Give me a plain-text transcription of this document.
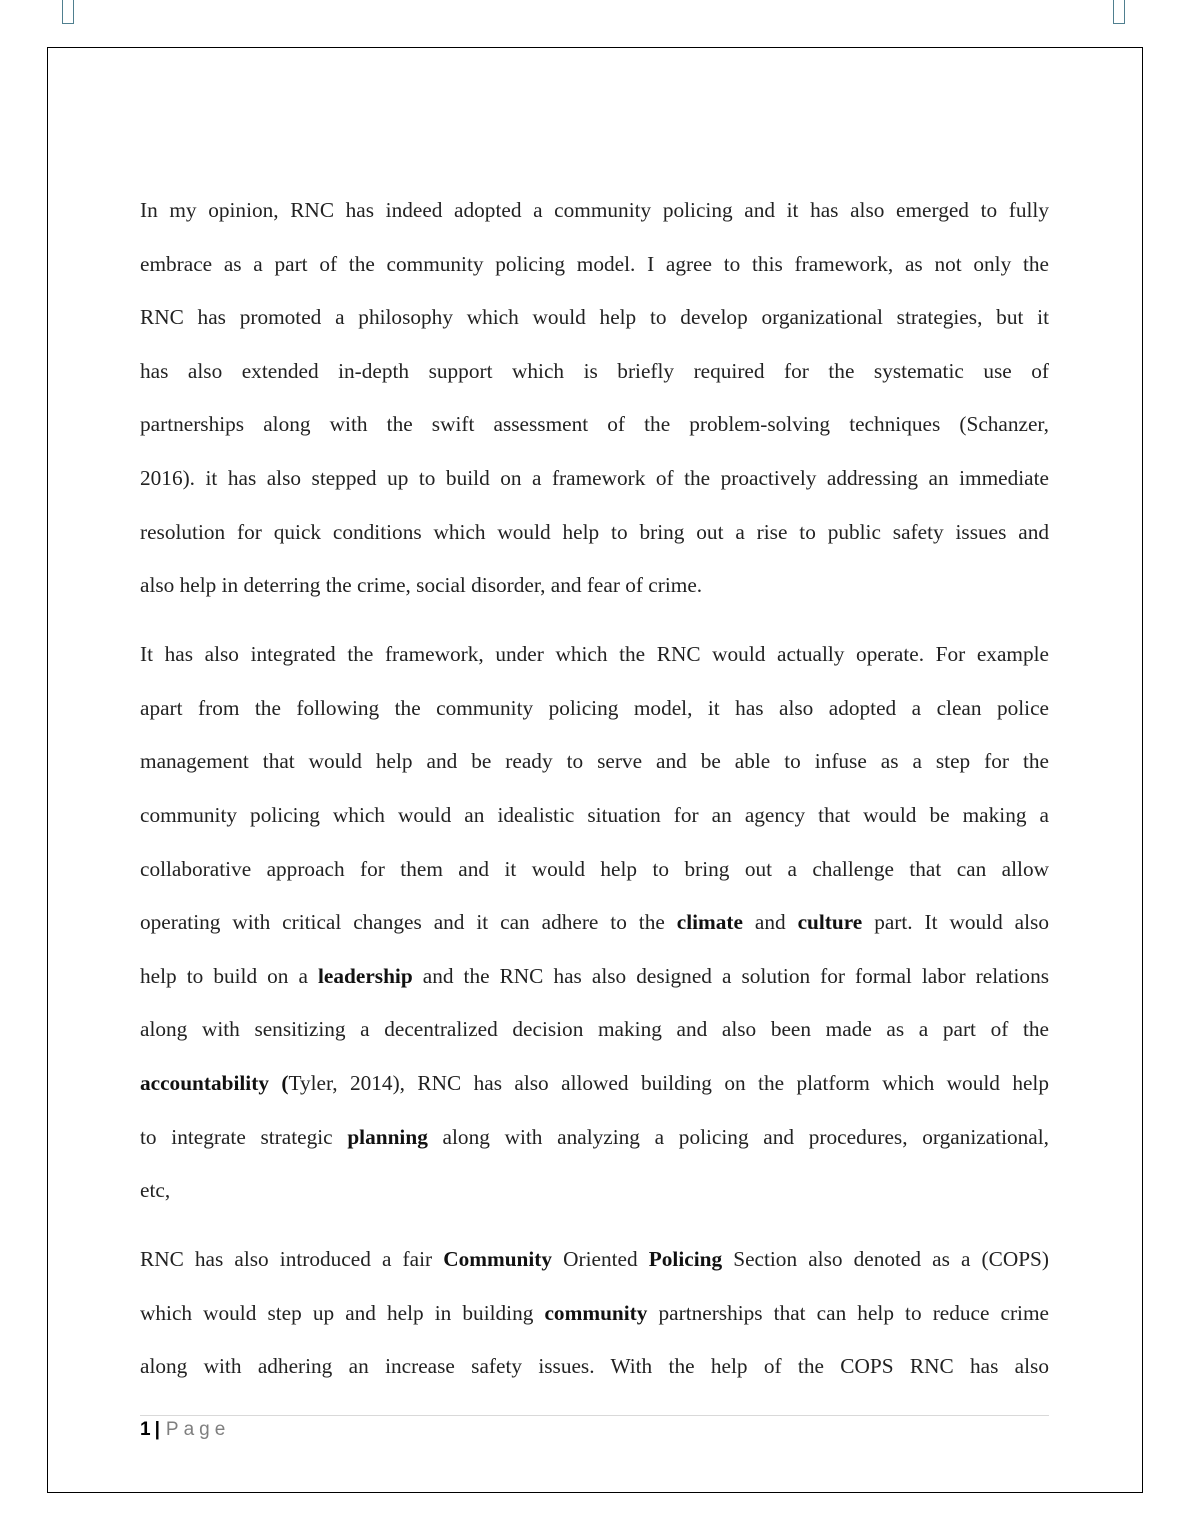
In my opinion, RNC has indeed adopted a community policing and it has also emerged to fully
embrace as a part of the community policing model. I agree to this framework, as not only the
RNC has promoted a philosophy which would help to develop organizational strategies, but it
has also extended in-depth support which is briefly required for the systematic use of
partnerships along with the swift assessment of the problem-solving techniques (Schanzer,
2016). it has also stepped up to build on a framework of the proactively addressing an immediate
resolution for quick conditions which would help to bring out a rise to public safety issues and
also help in deterring the crime, social disorder, and fear of crime.
It has also integrated the framework, under which the RNC would actually operate. For example
apart from the following the community policing model, it has also adopted a clean police
management that would help and be ready to serve and be able to infuse as a step for the
community policing which would an idealistic situation for an agency that would be making a
collaborative approach for them and it would help to bring out a challenge that can allow
operating with critical changes and it can adhere to the climate and culture part. It would also
help to build on a leadership and the RNC has also designed a solution for formal labor relations
along with sensitizing a decentralized decision making and also been made as a part of the
accountability (Tyler, 2014), RNC has also allowed building on the platform which would help
to integrate strategic planning along with analyzing a policing and procedures, organizational,
etc,
RNC has also introduced a fair Community Oriented Policing Section also denoted as a (COPS)
which would step up and help in building community partnerships that can help to reduce crime
along with adhering an increase safety issues. With the help of the COPS RNC has also
1 | Page
